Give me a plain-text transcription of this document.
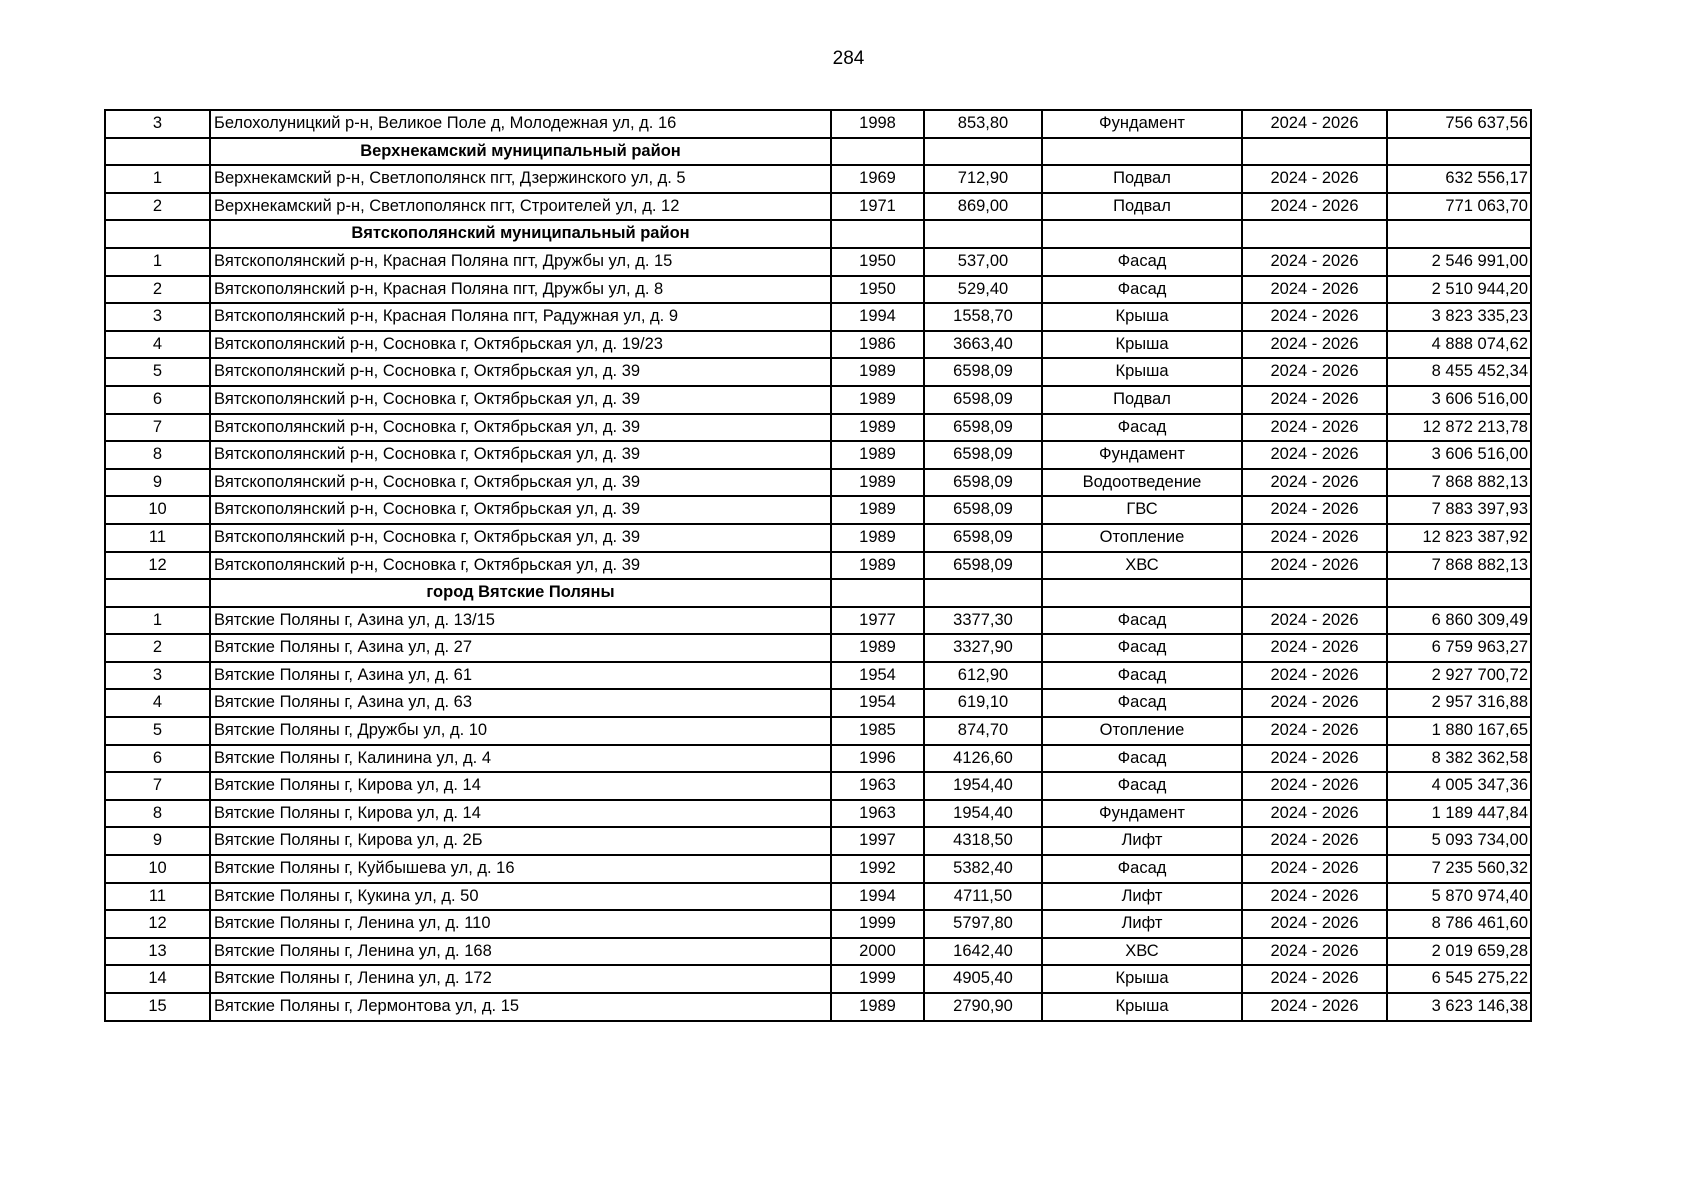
284
3	Белохолуницкий р-н, Великое Поле д, Молодежная ул, д. 16	1998	853,80	Фундамент	2024 - 2026	756 637,56
	Верхнекамский муниципальный район					
1	Верхнекамский р-н, Светлополянск пгт, Дзержинского ул, д. 5	1969	712,90	Подвал	2024 - 2026	632 556,17
2	Верхнекамский р-н, Светлополянск пгт, Строителей ул, д. 12	1971	869,00	Подвал	2024 - 2026	771 063,70
	Вятскополянский муниципальный район					
1	Вятскополянский р-н, Красная Поляна пгт, Дружбы ул, д. 15	1950	537,00	Фасад	2024 - 2026	2 546 991,00
2	Вятскополянский р-н, Красная Поляна пгт, Дружбы ул, д. 8	1950	529,40	Фасад	2024 - 2026	2 510 944,20
3	Вятскополянский р-н, Красная Поляна пгт, Радужная ул, д. 9	1994	1558,70	Крыша	2024 - 2026	3 823 335,23
4	Вятскополянский р-н, Сосновка г, Октябрьская ул, д. 19/23	1986	3663,40	Крыша	2024 - 2026	4 888 074,62
5	Вятскополянский р-н, Сосновка г, Октябрьская ул, д. 39	1989	6598,09	Крыша	2024 - 2026	8 455 452,34
6	Вятскополянский р-н, Сосновка г, Октябрьская ул, д. 39	1989	6598,09	Подвал	2024 - 2026	3 606 516,00
7	Вятскополянский р-н, Сосновка г, Октябрьская ул, д. 39	1989	6598,09	Фасад	2024 - 2026	12 872 213,78
8	Вятскополянский р-н, Сосновка г, Октябрьская ул, д. 39	1989	6598,09	Фундамент	2024 - 2026	3 606 516,00
9	Вятскополянский р-н, Сосновка г, Октябрьская ул, д. 39	1989	6598,09	Водоотведение	2024 - 2026	7 868 882,13
10	Вятскополянский р-н, Сосновка г, Октябрьская ул, д. 39	1989	6598,09	ГВС	2024 - 2026	7 883 397,93
11	Вятскополянский р-н, Сосновка г, Октябрьская ул, д. 39	1989	6598,09	Отопление	2024 - 2026	12 823 387,92
12	Вятскополянский р-н, Сосновка г, Октябрьская ул, д. 39	1989	6598,09	ХВС	2024 - 2026	7 868 882,13
	город Вятские Поляны					
1	Вятские Поляны г, Азина ул, д. 13/15	1977	3377,30	Фасад	2024 - 2026	6 860 309,49
2	Вятские Поляны г, Азина ул, д. 27	1989	3327,90	Фасад	2024 - 2026	6 759 963,27
3	Вятские Поляны г, Азина ул, д. 61	1954	612,90	Фасад	2024 - 2026	2 927 700,72
4	Вятские Поляны г, Азина ул, д. 63	1954	619,10	Фасад	2024 - 2026	2 957 316,88
5	Вятские Поляны г, Дружбы ул, д. 10	1985	874,70	Отопление	2024 - 2026	1 880 167,65
6	Вятские Поляны г, Калинина ул, д. 4	1996	4126,60	Фасад	2024 - 2026	8 382 362,58
7	Вятские Поляны г, Кирова ул, д. 14	1963	1954,40	Фасад	2024 - 2026	4 005 347,36
8	Вятские Поляны г, Кирова ул, д. 14	1963	1954,40	Фундамент	2024 - 2026	1 189 447,84
9	Вятские Поляны г, Кирова ул, д. 2Б	1997	4318,50	Лифт	2024 - 2026	5 093 734,00
10	Вятские Поляны г, Куйбышева ул, д. 16	1992	5382,40	Фасад	2024 - 2026	7 235 560,32
11	Вятские Поляны г, Кукина ул, д. 50	1994	4711,50	Лифт	2024 - 2026	5 870 974,40
12	Вятские Поляны г, Ленина ул, д. 110	1999	5797,80	Лифт	2024 - 2026	8 786 461,60
13	Вятские Поляны г, Ленина ул, д. 168	2000	1642,40	ХВС	2024 - 2026	2 019 659,28
14	Вятские Поляны г, Ленина ул, д. 172	1999	4905,40	Крыша	2024 - 2026	6 545 275,22
15	Вятские Поляны г, Лермонтова ул, д. 15	1989	2790,90	Крыша	2024 - 2026	3 623 146,38
